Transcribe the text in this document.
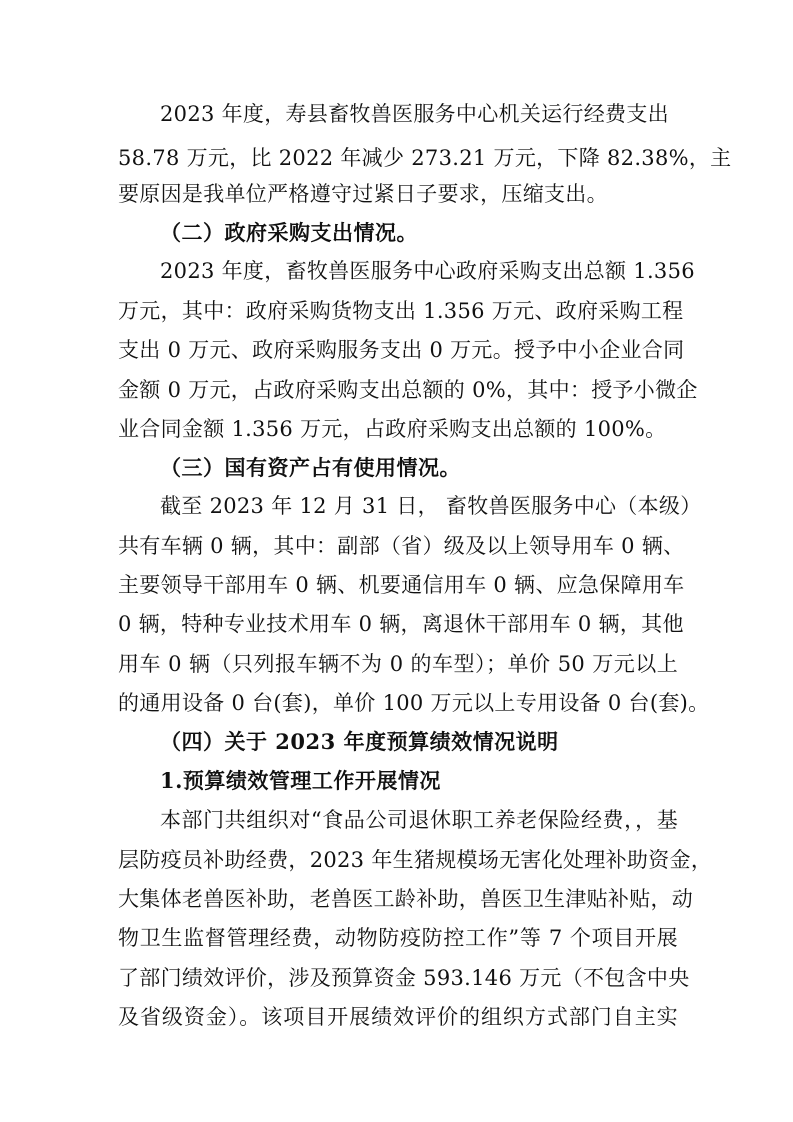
2023 年度，寿县畜牧兽医服务中心机关运行经费支出
58.78 万元，比 2022 年减少 273.21 万元，下降 82.38%，主
要原因是我单位严格遵守过紧日子要求，压缩支出。
（二）政府采购支出情况。
2023 年度，畜牧兽医服务中心政府采购支出总额 1.356
万元，其中：政府采购货物支出 1.356 万元、政府采购工程
支出 0 万元、政府采购服务支出 0 万元。授予中小企业合同
金额 0 万元，占政府采购支出总额的 0%，其中：授予小微企
业合同金额 1.356 万元，占政府采购支出总额的 100%。
（三）国有资产占有使用情况。
截至 2023 年 12 月 31 日， 畜牧兽医服务中心（本级）
共有车辆 0 辆，其中：副部（省）级及以上领导用车 0 辆、
主要领导干部用车 0 辆、机要通信用车 0 辆、应急保障用车
0 辆，特种专业技术用车 0 辆，离退休干部用车 0 辆，其他
用车 0 辆（只列报车辆不为 0 的车型）；单价 50 万元以上
的通用设备 0 台(套)，单价 100 万元以上专用设备 0 台(套)。
（四）关于 2023 年度预算绩效情况说明
1.预算绩效管理工作开展情况
本部门共组织对“食品公司退休职工养老保险经费，，基
层防疫员补助经费，2023 年生猪规模场无害化处理补助资金，
大集体老兽医补助，老兽医工龄补助，兽医卫生津贴补贴，动
物卫生监督管理经费，动物防疫防控工作”等 7 个项目开展
了部门绩效评价，涉及预算资金 593.146 万元（不包含中央
及省级资金）。该项目开展绩效评价的组织方式部门自主实
